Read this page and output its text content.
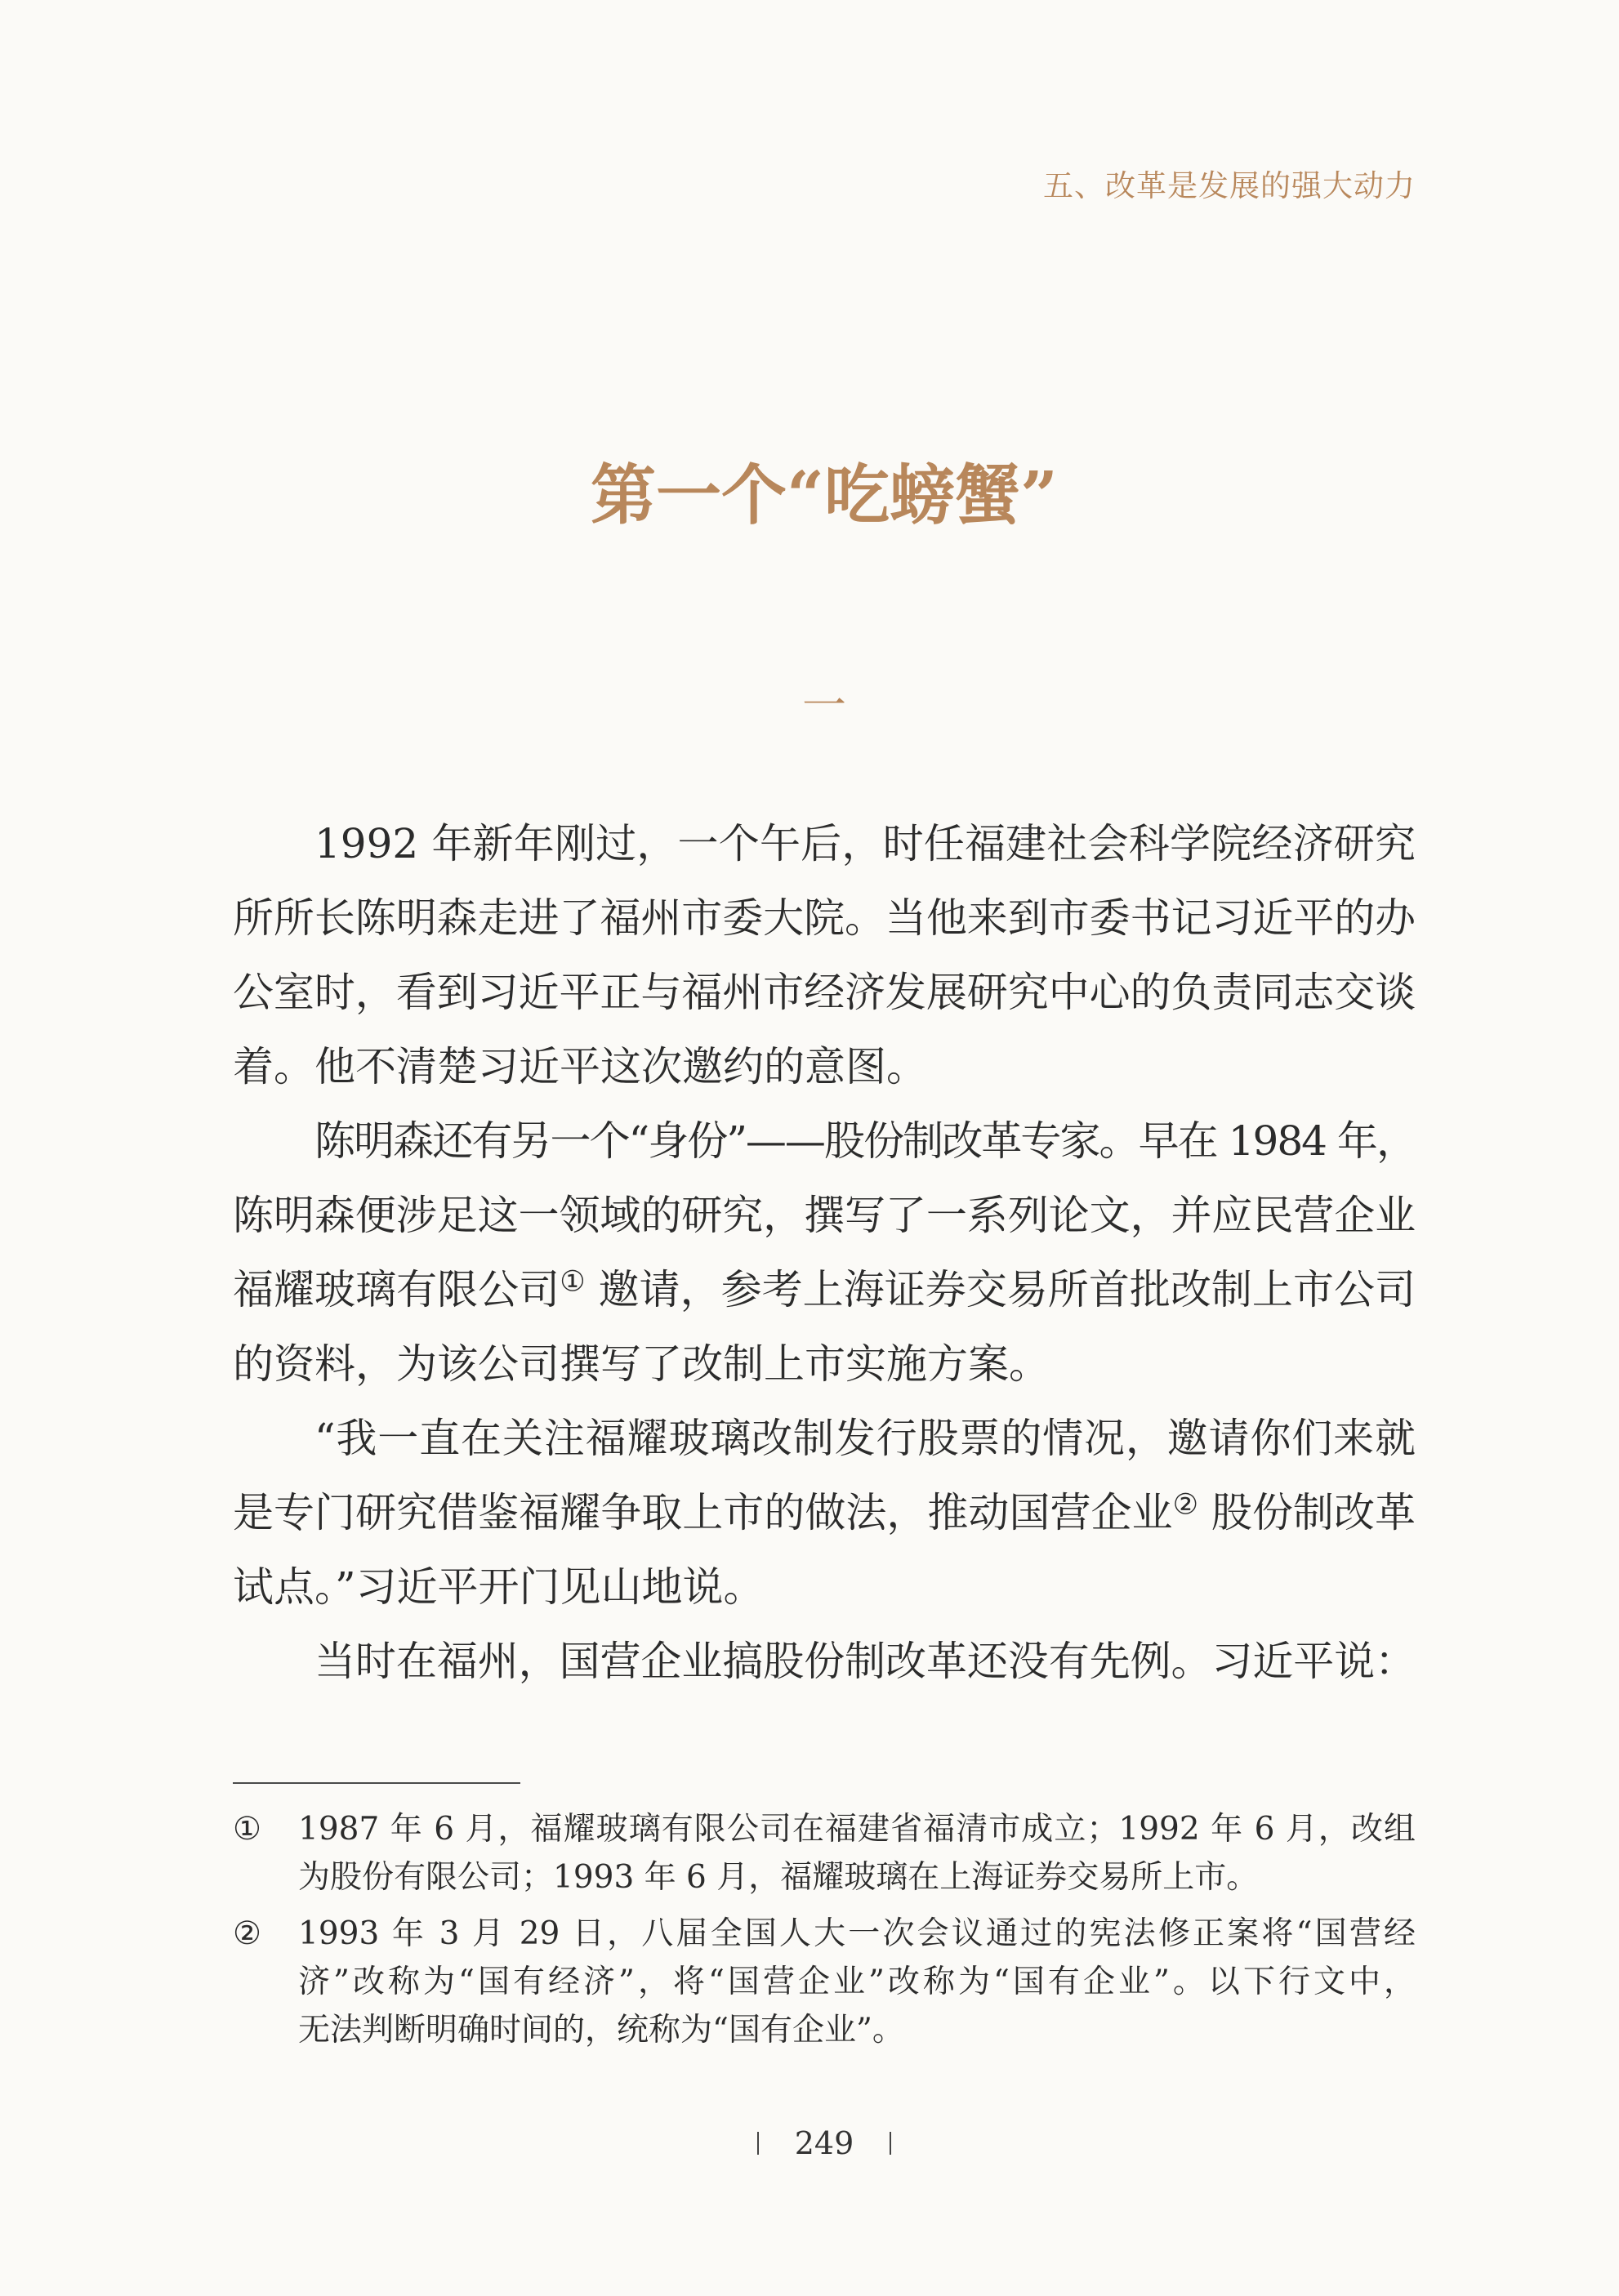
五、改革是发展的强大动力
第一个“吃螃蟹”
一
1992 年新年刚过，一个午后，时任福建社会科学院经济研究
所所长陈明森走进了福州市委大院。当他来到市委书记习近平的办
公室时，看到习近平正与福州市经济发展研究中心的负责同志交谈
着。他不清楚习近平这次邀约的意图。
陈明森还有另一个“身份”——股份制改革专家。早在 1984 年，
陈明森便涉足这一领域的研究，撰写了一系列论文，并应民营企业
福耀玻璃有限公司① 邀请，参考上海证券交易所首批改制上市公司
的资料，为该公司撰写了改制上市实施方案。
“我一直在关注福耀玻璃改制发行股票的情况，邀请你们来就
是专门研究借鉴福耀争取上市的做法，推动国营企业② 股份制改革
试点。”习近平开门见山地说。
当时在福州，国营企业搞股份制改革还没有先例。习近平说：
① 1987 年 6 月，福耀玻璃有限公司在福建省福清市成立；1992 年 6 月，改组
为股份有限公司；1993 年 6 月，福耀玻璃在上海证券交易所上市。
② 1993 年 3 月 29 日，八届全国人大一次会议通过的宪法修正案将“国营经
济”改称为“国有经济”，将“国营企业”改称为“国有企业”。以下行文中，
无法判断明确时间的，统称为“国有企业”。
249
